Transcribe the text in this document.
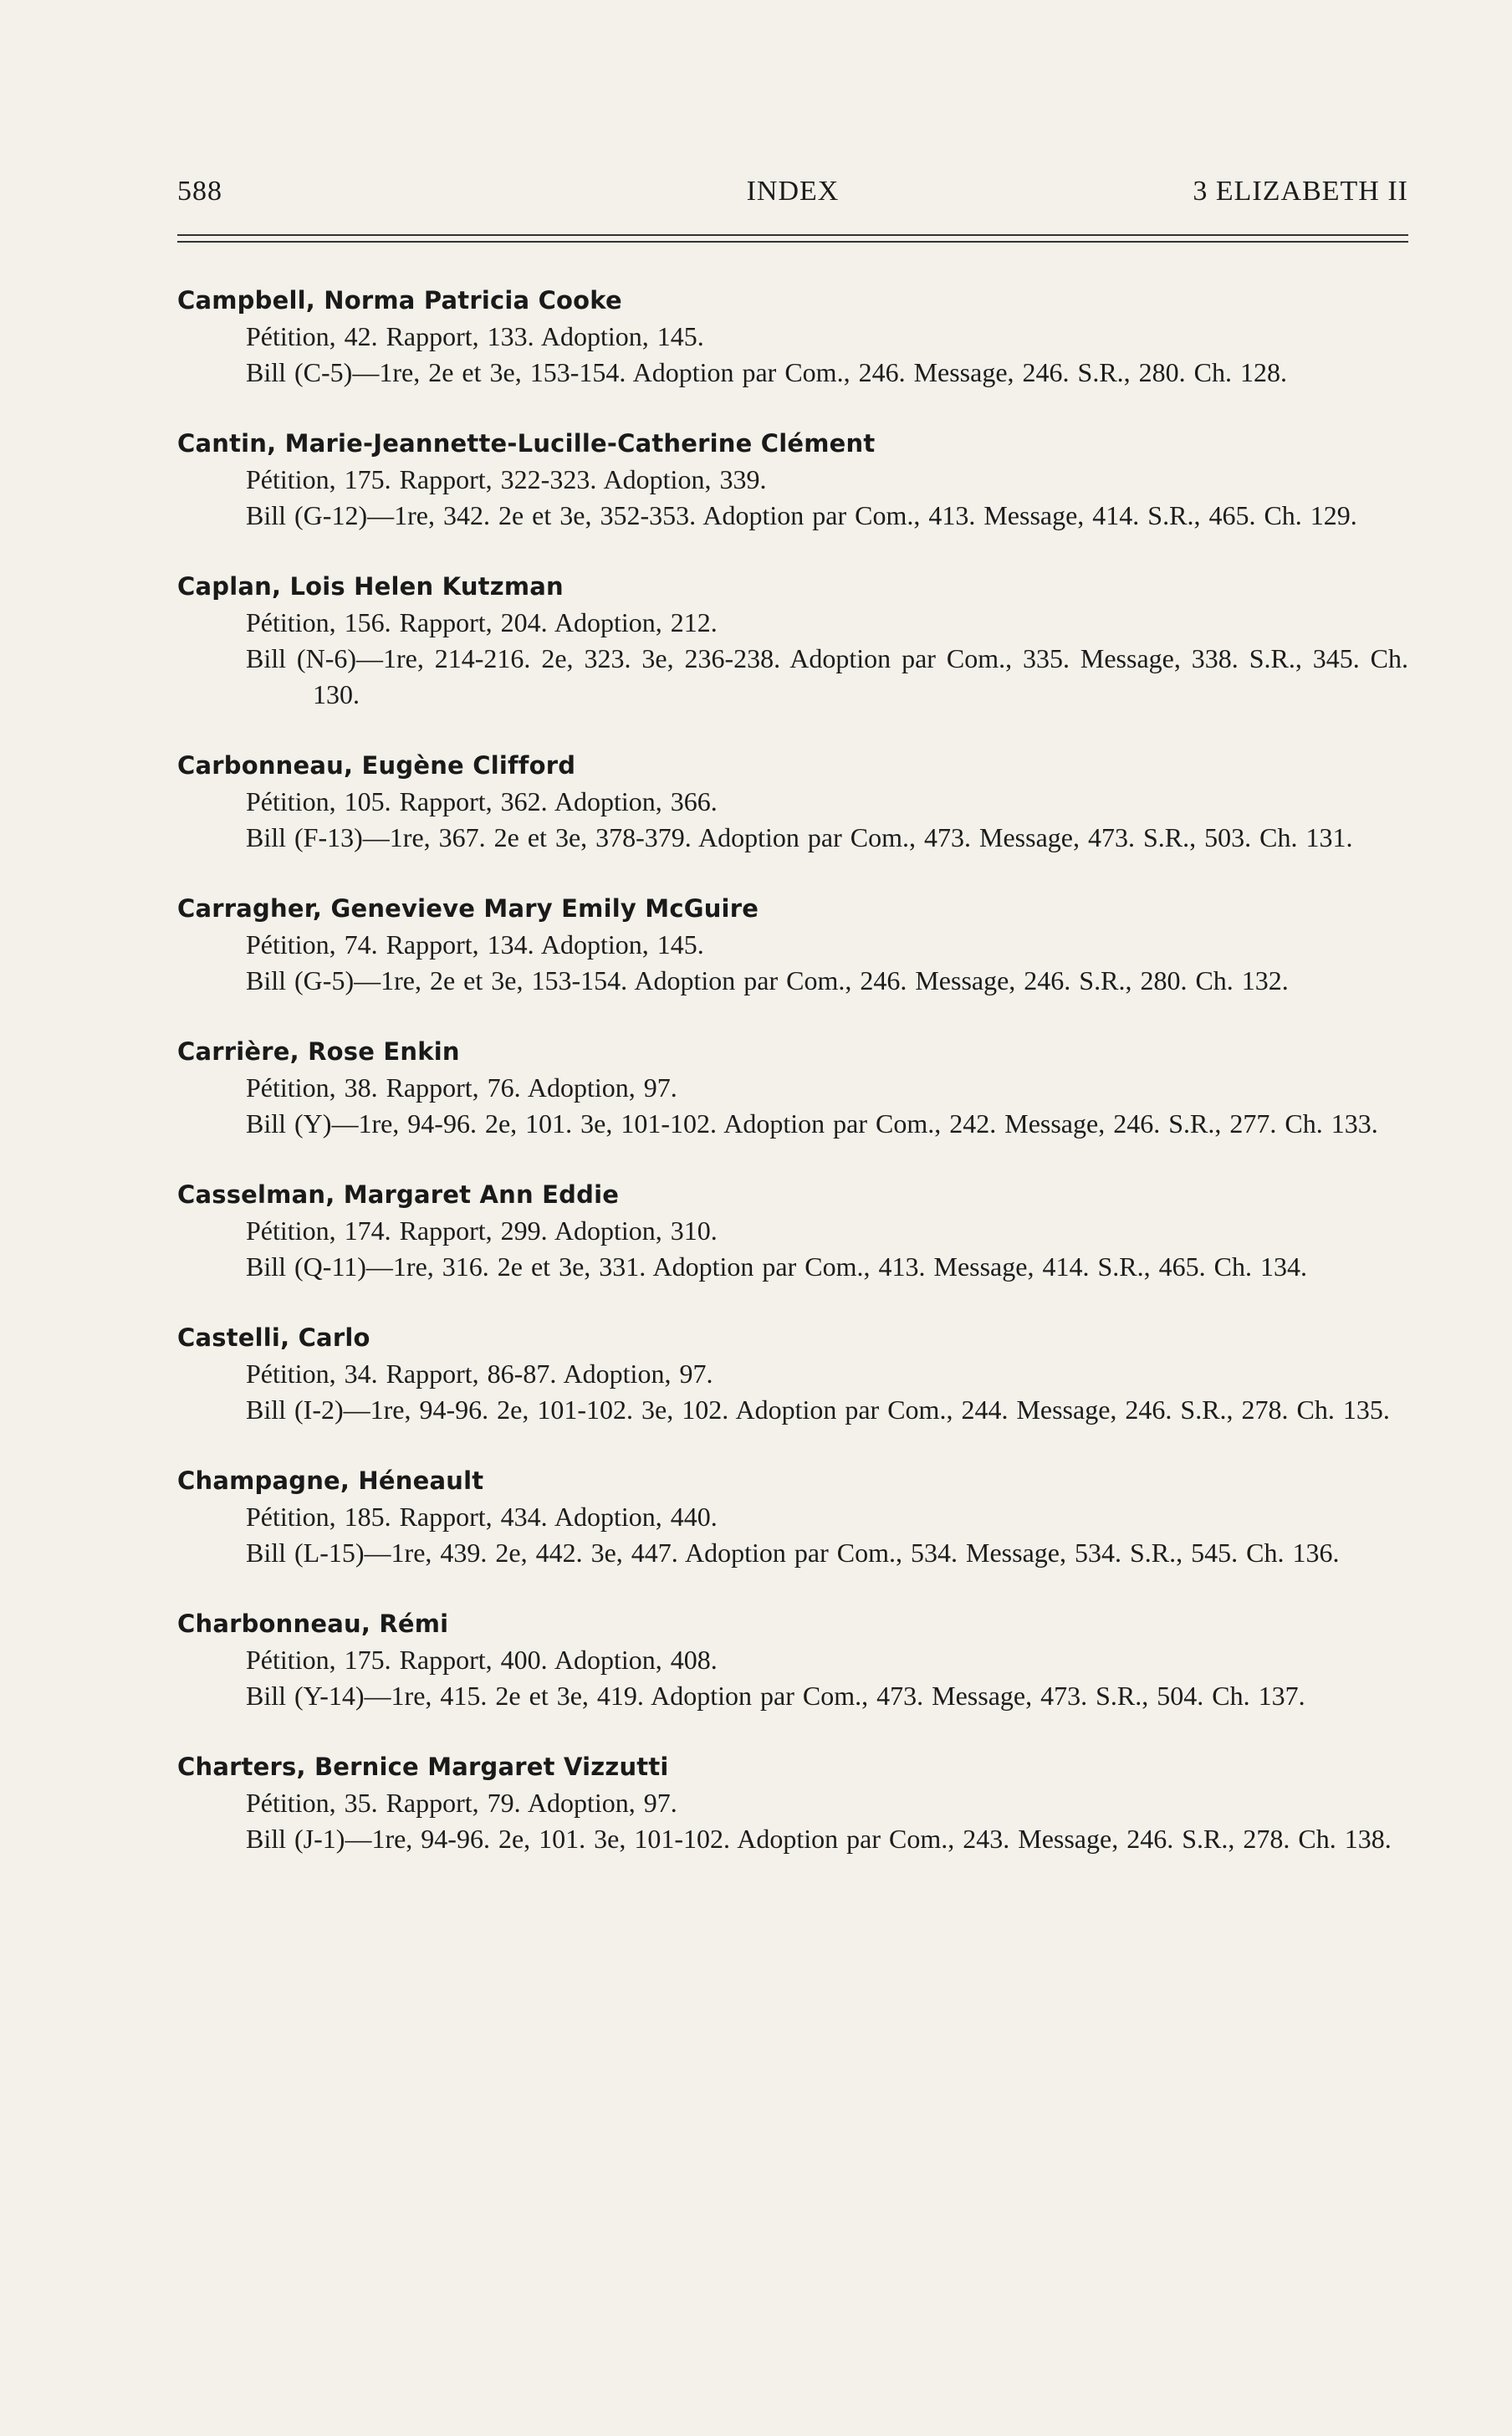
588	INDEX	3 ELIZABETH II
Campbell, Norma Patricia Cooke
Pétition, 42. Rapport, 133. Adoption, 145.
Bill (C-5)—1re, 2e et 3e, 153-154. Adoption par Com., 246. Message, 246. S.R., 280. Ch. 128.
Cantin, Marie-Jeannette-Lucille-Catherine Clément
Pétition, 175. Rapport, 322-323. Adoption, 339.
Bill (G-12)—1re, 342. 2e et 3e, 352-353. Adoption par Com., 413. Message, 414. S.R., 465. Ch. 129.
Caplan, Lois Helen Kutzman
Pétition, 156. Rapport, 204. Adoption, 212.
Bill (N-6)—1re, 214-216. 2e, 323. 3e, 236-238. Adoption par Com., 335. Message, 338. S.R., 345. Ch. 130.
Carbonneau, Eugène Clifford
Pétition, 105. Rapport, 362. Adoption, 366.
Bill (F-13)—1re, 367. 2e et 3e, 378-379. Adoption par Com., 473. Message, 473. S.R., 503. Ch. 131.
Carragher, Genevieve Mary Emily McGuire
Pétition, 74. Rapport, 134. Adoption, 145.
Bill (G-5)—1re, 2e et 3e, 153-154. Adoption par Com., 246. Message, 246. S.R., 280. Ch. 132.
Carrière, Rose Enkin
Pétition, 38. Rapport, 76. Adoption, 97.
Bill (Y)—1re, 94-96. 2e, 101. 3e, 101-102. Adoption par Com., 242. Message, 246. S.R., 277. Ch. 133.
Casselman, Margaret Ann Eddie
Pétition, 174. Rapport, 299. Adoption, 310.
Bill (Q-11)—1re, 316. 2e et 3e, 331. Adoption par Com., 413. Message, 414. S.R., 465. Ch. 134.
Castelli, Carlo
Pétition, 34. Rapport, 86-87. Adoption, 97.
Bill (I-2)—1re, 94-96. 2e, 101-102. 3e, 102. Adoption par Com., 244. Message, 246. S.R., 278. Ch. 135.
Champagne, Héneault
Pétition, 185. Rapport, 434. Adoption, 440.
Bill (L-15)—1re, 439. 2e, 442. 3e, 447. Adoption par Com., 534. Message, 534. S.R., 545. Ch. 136.
Charbonneau, Rémi
Pétition, 175. Rapport, 400. Adoption, 408.
Bill (Y-14)—1re, 415. 2e et 3e, 419. Adoption par Com., 473. Message, 473. S.R., 504. Ch. 137.
Charters, Bernice Margaret Vizzutti
Pétition, 35. Rapport, 79. Adoption, 97.
Bill (J-1)—1re, 94-96. 2e, 101. 3e, 101-102. Adoption par Com., 243. Message, 246. S.R., 278. Ch. 138.
